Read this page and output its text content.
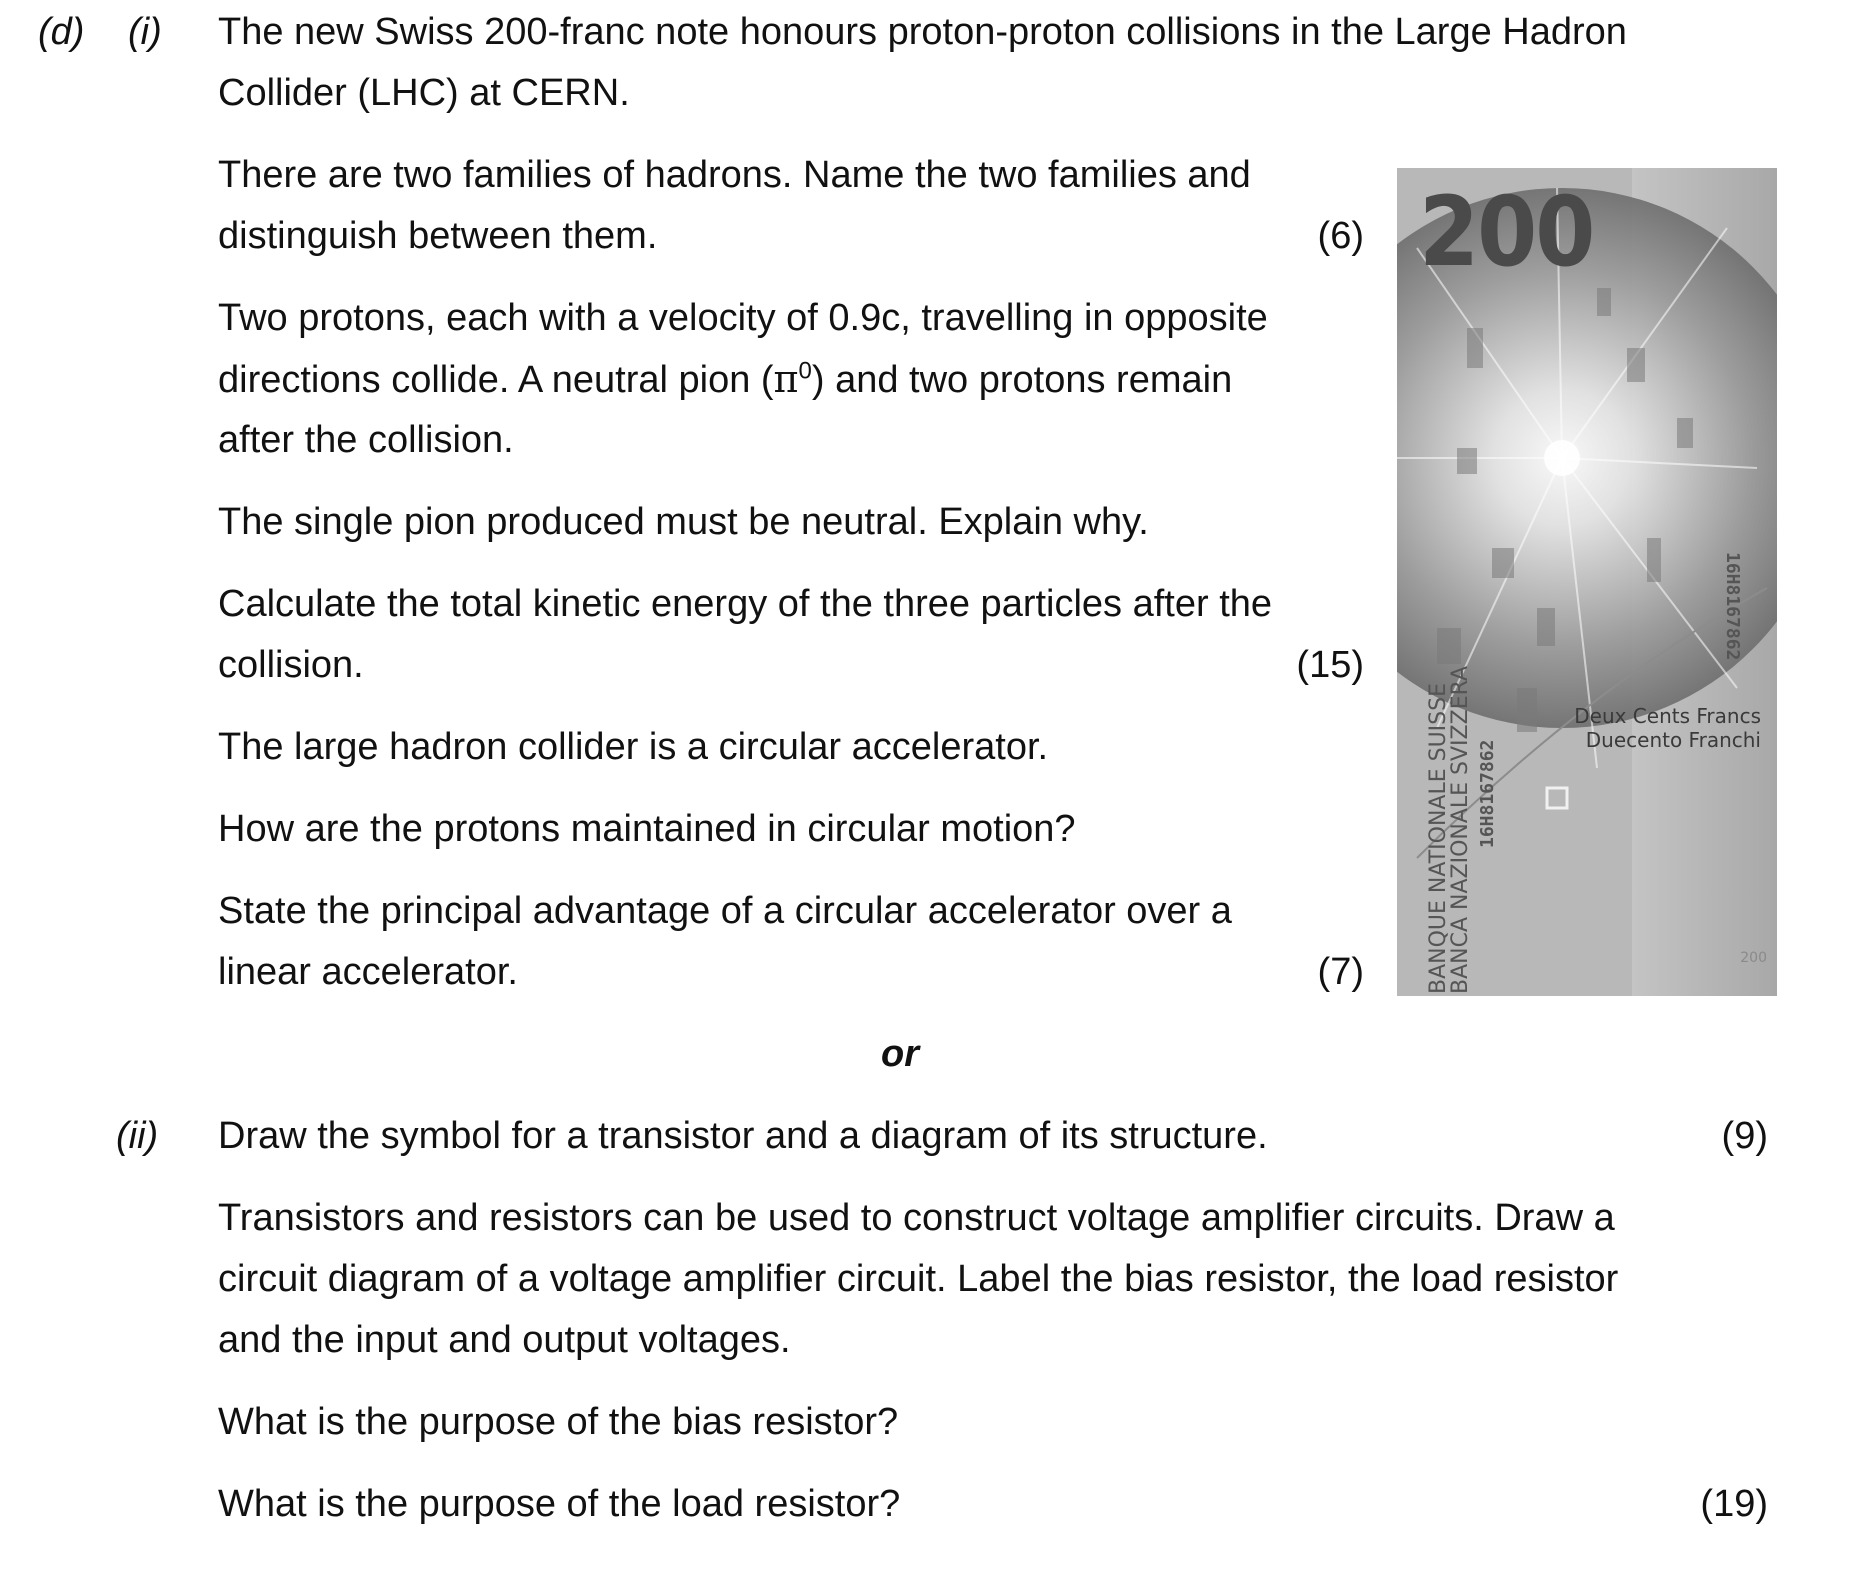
(d) (i) The new Swiss 200-franc note honours proton-proton collisions in the Large Hadron
Collider (LHC) at CERN.
There are two families of hadrons. Name the two families and
distinguish between them.	(6)
Two protons, each with a velocity of 0.9c, travelling in opposite
directions collide. A neutral pion $(\pi^0)$ and two protons remain
after the collision.
The single pion produced must be neutral. Explain why.
Calculate the total kinetic energy of the three particles after the
collision.	(15)
The large hadron collider is a circular accelerator.
How are the protons maintained in circular motion?
State the principal advantage of a circular accelerator over a
linear accelerator.	(7)
or
(ii) Draw the symbol for a transistor and a diagram of its structure.	(9)
Transistors and resistors can be used to construct voltage amplifier circuits. Draw a
circuit diagram of a voltage amplifier circuit. Label the bias resistor, the load resistor
and the input and output voltages.
What is the purpose of the bias resistor?
What is the purpose of the load resistor?	(19)
200
Deux Cents Francs
Duecento Franchi
BANQUE NATIONALE SUISSE
BANCA NAZIONALE SVIZZERA 16H8167862
16H8167862
200
